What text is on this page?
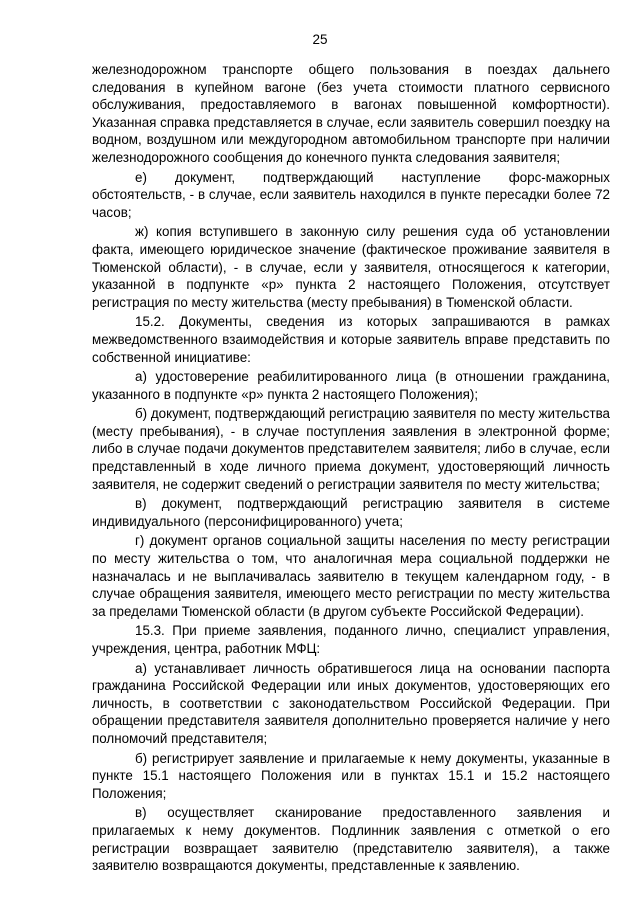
25

железнодорожном транспорте общего пользования в поездах дальнего следования в купейном вагоне (без учета стоимости платного сервисного обслуживания, предоставляемого в вагонах повышенной комфортности). Указанная справка представляется в случае, если заявитель совершил поездку на водном, воздушном или междугородном автомобильном транспорте при наличии железнодорожного сообщения до конечного пункта следования заявителя;

е) документ, подтверждающий наступление форс-мажорных обстоятельств, - в случае, если заявитель находился в пункте пересадки более 72 часов;

ж) копия вступившего в законную силу решения суда об установлении факта, имеющего юридическое значение (фактическое проживание заявителя в Тюменской области), - в случае, если у заявителя, относящегося к категории, указанной в подпункте «р» пункта 2 настоящего Положения, отсутствует регистрация по месту жительства (месту пребывания) в Тюменской области.

15.2. Документы, сведения из которых запрашиваются в рамках межведомственного взаимодействия и которые заявитель вправе представить по собственной инициативе:

а) удостоверение реабилитированного лица (в отношении гражданина, указанного в подпункте «р» пункта 2 настоящего Положения);

б) документ, подтверждающий регистрацию заявителя по месту жительства (месту пребывания), - в случае поступления заявления в электронной форме; либо в случае подачи документов представителем заявителя; либо в случае, если представленный в ходе личного приема документ, удостоверяющий личность заявителя, не содержит сведений о регистрации заявителя по месту жительства;

в) документ, подтверждающий регистрацию заявителя в системе индивидуального (персонифицированного) учета;

г) документ органов социальной защиты населения по месту регистрации по месту жительства о том, что аналогичная мера социальной поддержки не назначалась и не выплачивалась заявителю в текущем календарном году, - в случае обращения заявителя, имеющего место регистрации по месту жительства за пределами Тюменской области (в другом субъекте Российской Федерации).

15.3. При приеме заявления, поданного лично, специалист управления, учреждения, центра, работник МФЦ:

а) устанавливает личность обратившегося лица на основании паспорта гражданина Российской Федерации или иных документов, удостоверяющих его личность, в соответствии с законодательством Российской Федерации. При обращении представителя заявителя дополнительно проверяется наличие у него полномочий представителя;

б) регистрирует заявление и прилагаемые к нему документы, указанные в пункте 15.1 настоящего Положения или в пунктах 15.1 и 15.2 настоящего Положения;

в) осуществляет сканирование предоставленного заявления и прилагаемых к нему документов. Подлинник заявления с отметкой о его регистрации возвращает заявителю (представителю заявителя), а также заявителю возвращаются документы, представленные к заявлению.
